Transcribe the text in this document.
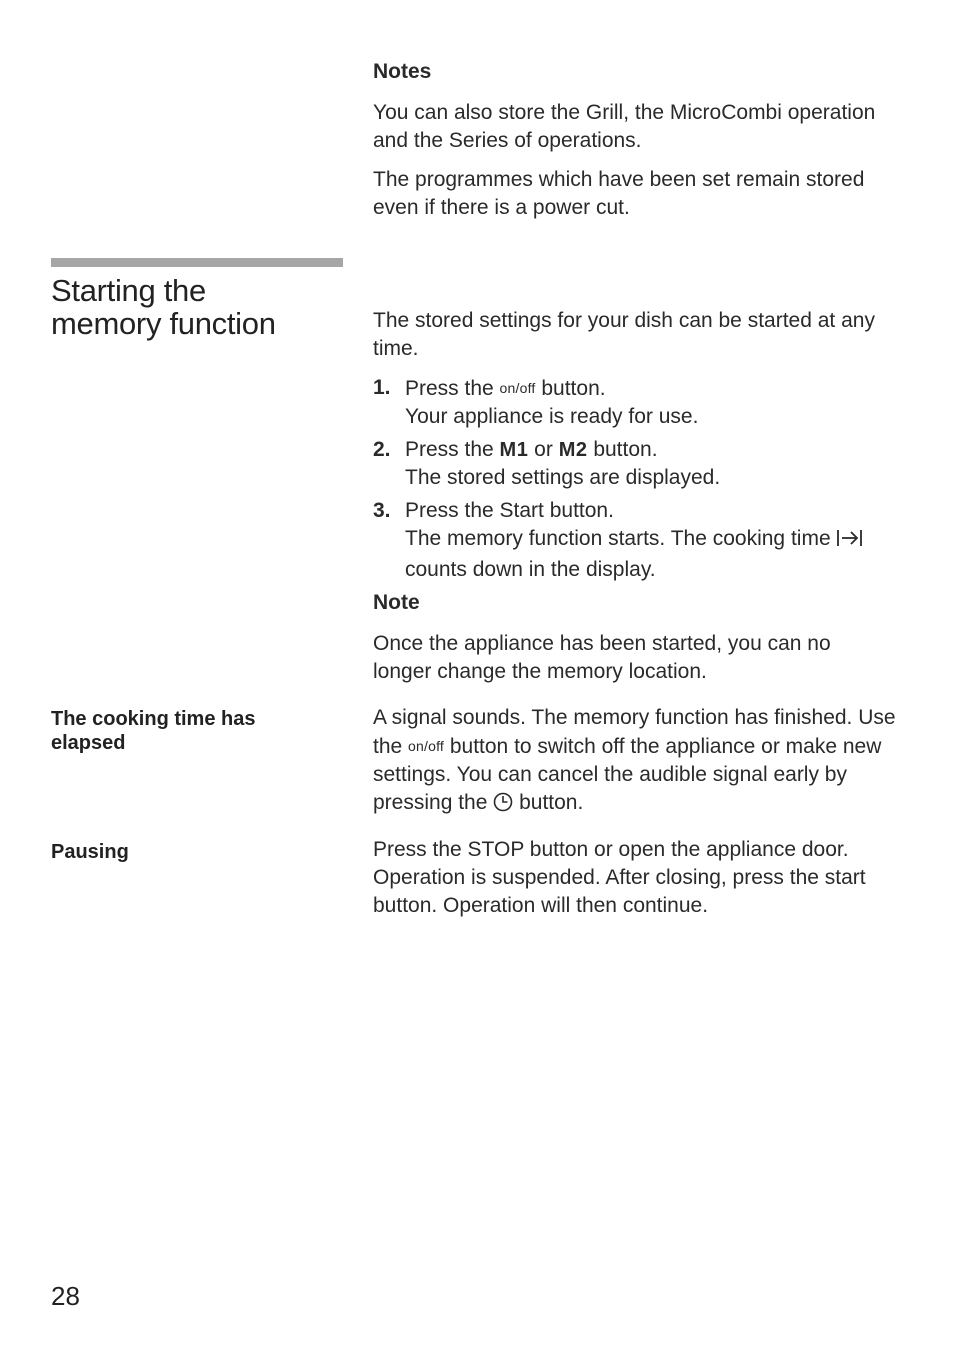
Notes
You can also store the Grill, the MicroCombi operation and the Series of operations.
The programmes which have been set remain stored even if there is a power cut.
Starting the
memory function	The stored settings for your dish can be started at any time.
1. Press the on/off button.
Your appliance is ready for use.
2. Press the M1 or M2 button.
The stored settings are displayed.
3. Press the Start button.
The memory function starts. The cooking time  counts down in the display.
Note
Once the appliance has been started, you can no longer change the memory location.
The cooking time has elapsed
A signal sounds. The memory function has finished. Use the on/off button to switch off the appliance or make new settings. You can cancel the audible signal early by pressing the  button.
Pausing	Press the STOP button or open the appliance door. Operation is suspended. After closing, press the start button. Operation will then continue.
28
